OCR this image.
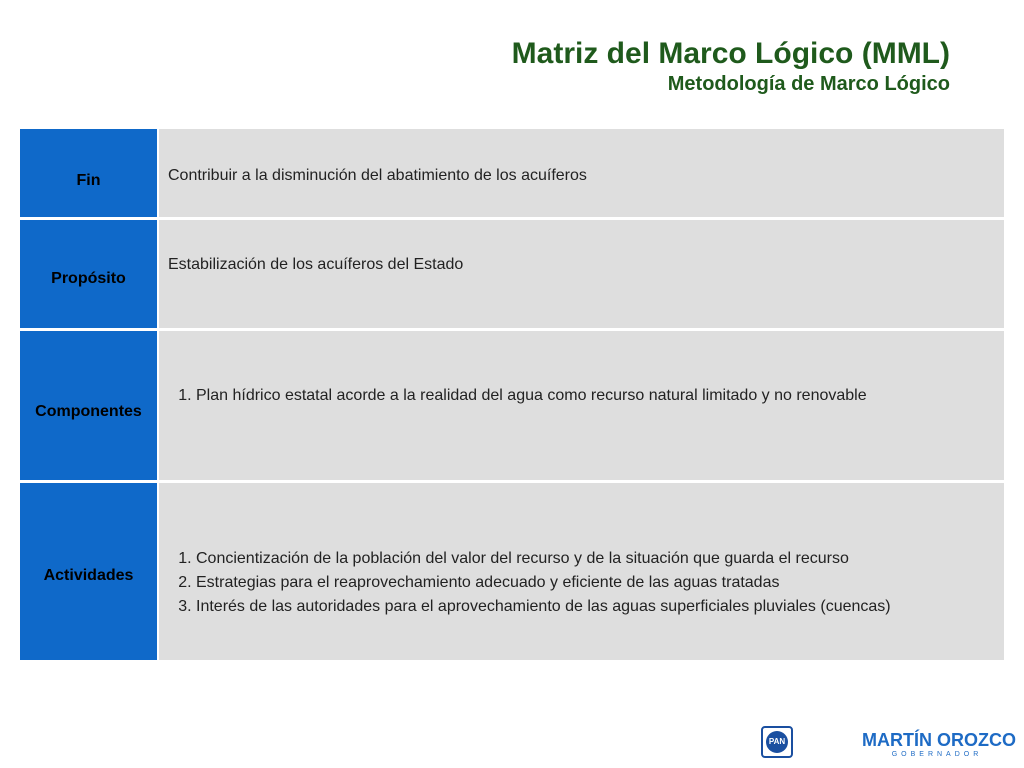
Matriz del Marco Lógico (MML)
Metodología de Marco Lógico
Fin	Contribuir a la disminución del abatimiento de los acuíferos

Propósito

Estabilización de los acuíferos del Estado

Componentes
1. Plan hídrico estatal acorde a la realidad del agua como recurso natural limitado y no renovable
Actividades
1. Concientización de la población del valor del recurso y de la situación que guarda el recurso
2. Estrategias para el reaprovechamiento adecuado y eficiente de las aguas tratadas
3. Interés de las autoridades para el aprovechamiento de las aguas superficiales pluviales (cuencas)
PAN	MARTÍN OROZCO
GOBERNADOR
